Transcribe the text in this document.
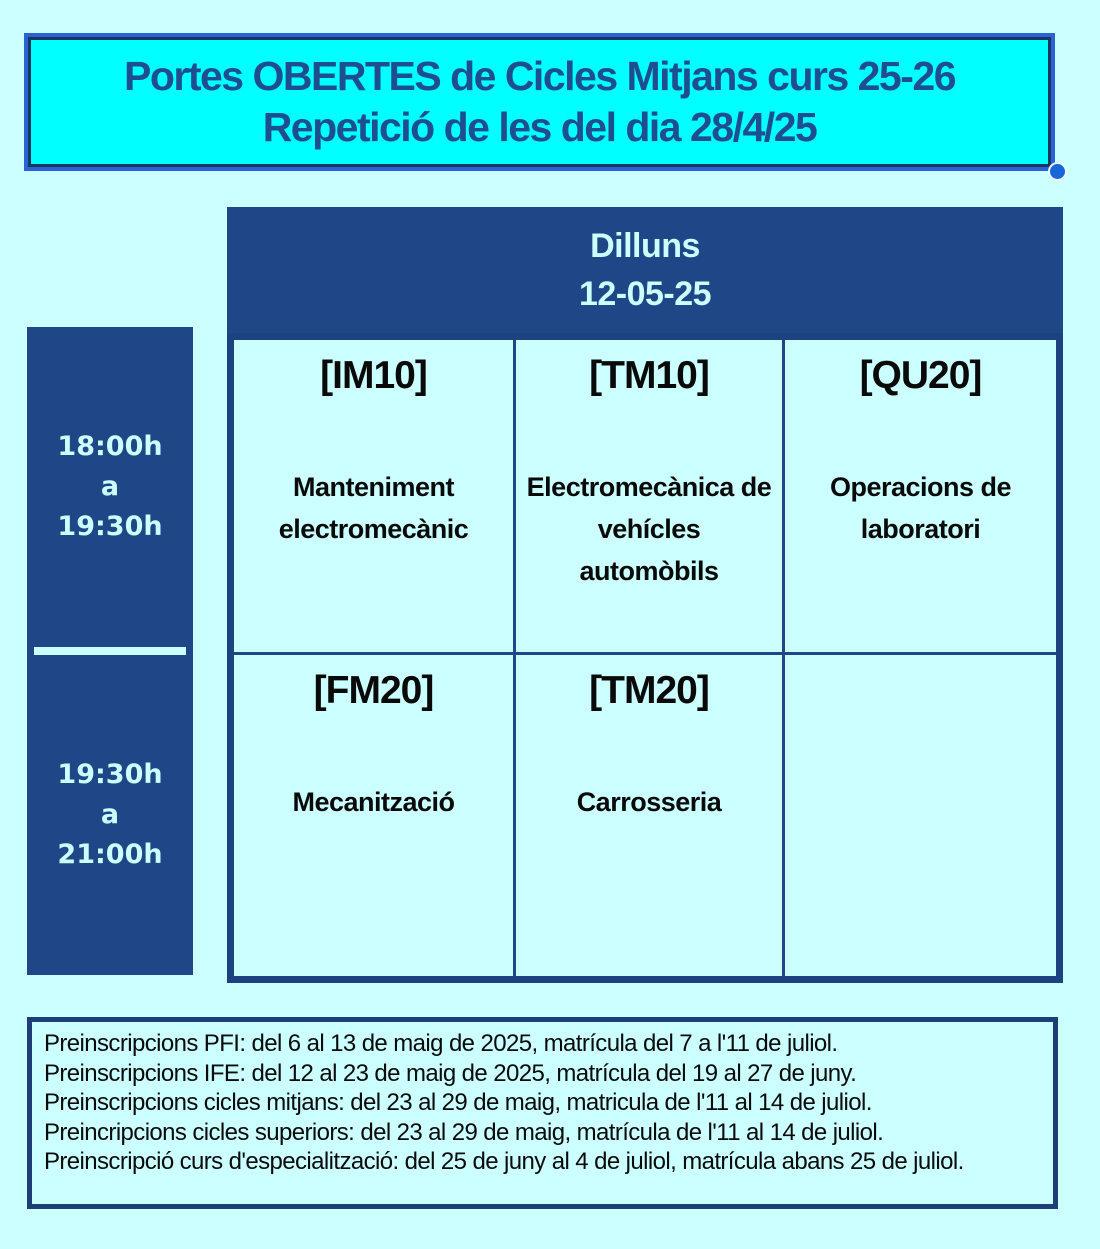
Portes OBERTES de Cicles Mitjans curs 25-26
Repetició de les del dia 28/4/25
Dilluns
12-05-25
18:00h
a
19:30h
19:30h
a
21:00h
[IM10]
Manteniment electromecànic
[TM10]
Electromecànica de vehícles automòbils
[QU20]
Operacions de laboratori
[FM20]
Mecanització
[TM20]
Carrosseria
Preinscripcions PFI: del 6 al 13 de maig de 2025, matrícula del 7 a l'11 de juliol.
Preinscripcions IFE: del 12 al 23 de maig de 2025, matrícula del 19 al 27 de juny.
Preinscripcions cicles mitjans: del 23 al 29 de maig, matricula de l'11 al 14 de juliol.
Preincripcions cicles superiors: del 23 al 29 de maig, matrícula de l'11 al 14 de juliol.
Preinscripció curs d'especialització: del 25 de juny al 4 de juliol, matrícula abans 25 de juliol.
